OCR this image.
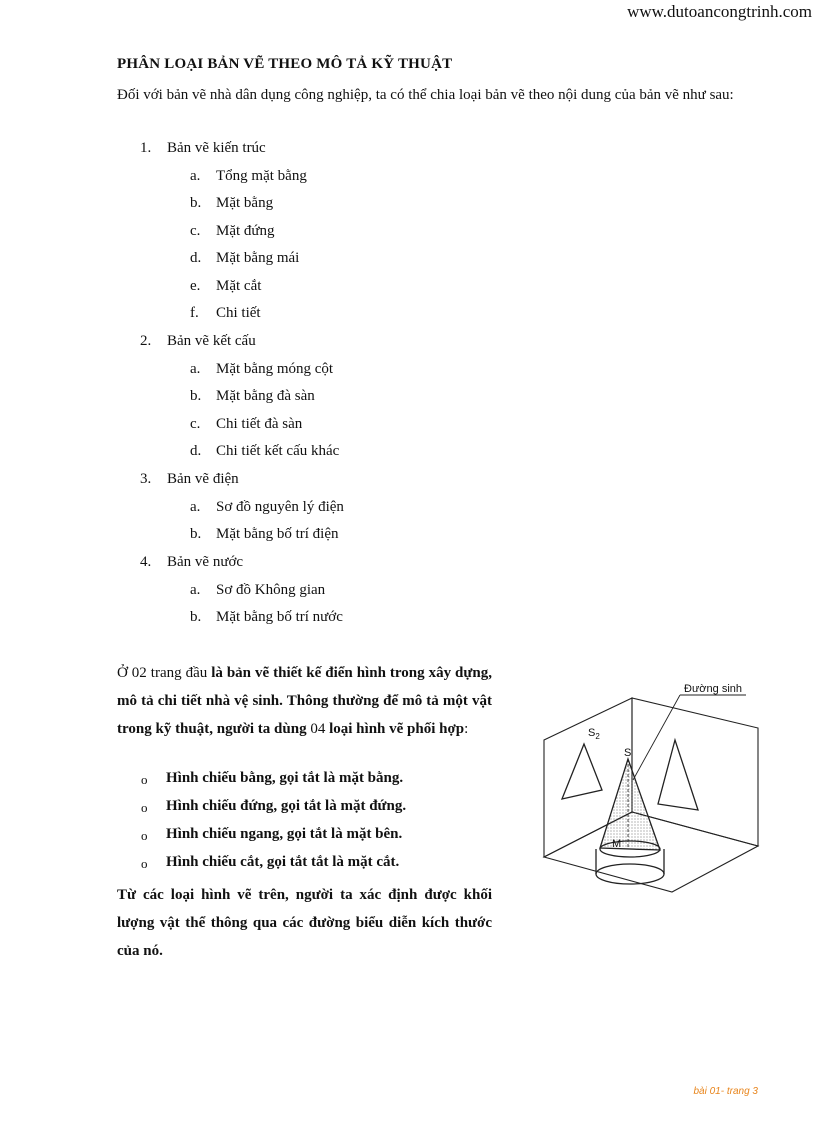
www.dutoancongtrinh.com
PHÂN LOẠI BẢN VẼ THEO MÔ TẢ KỸ THUẬT
Đối với bản vẽ nhà dân dụng công nghiệp, ta có thể chia loại bản vẽ theo nội dung của bản vẽ như sau:
1. Bản vẽ kiến trúc
a. Tổng mặt bằng
b. Mặt bằng
c. Mặt đứng
d. Mặt bằng mái
e. Mặt cắt
f. Chi tiết
2. Bản vẽ kết cấu
a. Mặt bằng móng cột
b. Mặt bằng đà sàn
c. Chi tiết đà sàn
d. Chi tiết kết cấu khác
3. Bản vẽ điện
a. Sơ đồ nguyên lý điện
b. Mặt bằng bố trí điện
4. Bản vẽ nước
a. Sơ đồ Không gian
b. Mặt bằng bố trí nước
Ở 02 trang đầu là bản vẽ thiết kế điển hình trong xây dựng, mô tả chi tiết nhà vệ sinh. Thông thường để mô tả một vật trong kỹ thuật, người ta dùng 04 loại hình vẽ phối hợp:
o Hình chiếu bằng, gọi tắt là mặt bằng.
o Hình chiếu đứng, gọi tắt là mặt đứng.
o Hình chiếu ngang, gọi tắt là mặt bên.
o Hình chiếu cắt, gọi tắt tắt là mặt cắt.
Từ các loại hình vẽ trên, người ta xác định được khối lượng vật thể thông qua các đường biểu diễn kích thước của nó.
Đường sinh
$S_2$
S
M
bài 01- trang 3
